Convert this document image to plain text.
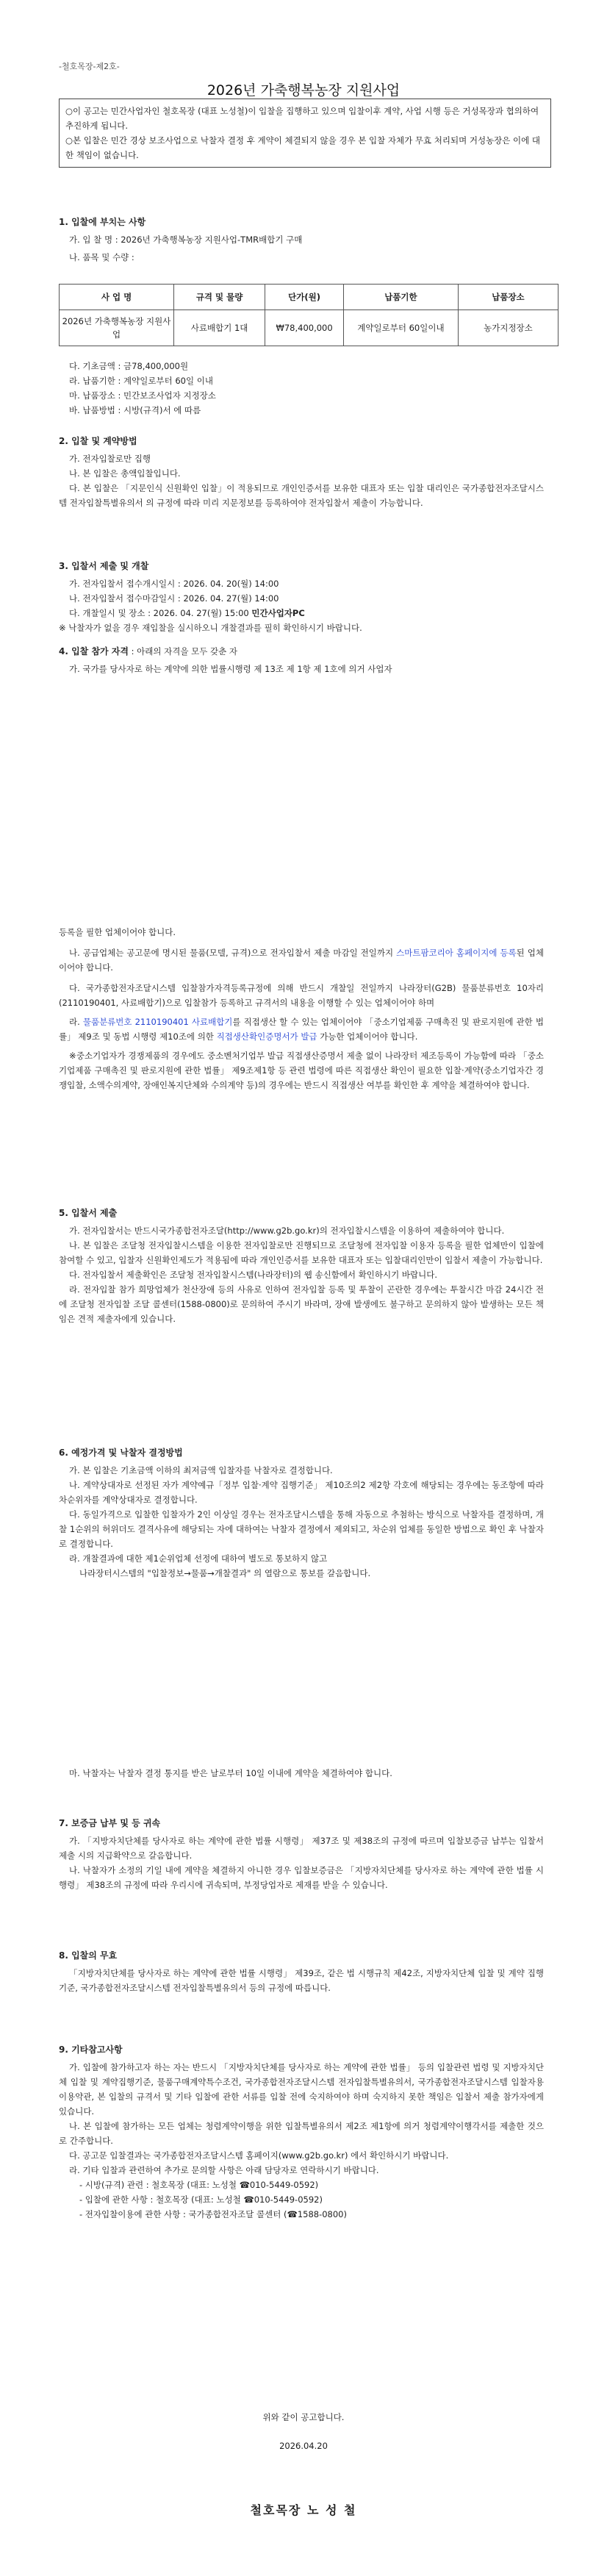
-철호목장-제2호-
2026년 가축행복농장 지원사업

○이 공고는 민간사업자인 철호목장 (대표 노성철)이 입찰을 집행하고 있으며 입찰이후 계약, 사업 시행 등은 거성목장과 협의하여 추진하게 됩니다.

○본 입찰은 민간 경상 보조사업으로 낙찰자 결정 후 계약이 체결되지 않을 경우 본 입찰 자체가 무효 처리되며 거성농장은 이에 대한 책임이 없습니다.

1. 입찰에 부치는 사항
가. 입 찰 명 : 2026년 가축행복농장 지원사업-TMR배합기 구매
나. 품목 및 수량 :
사 업 명	규격 및 물량	단가(원)	납품기한	납품장소
2026년 가축행복농장 지원사업	사료배합기 1대	₩78,400,000	계약일로부터 60일이내	농가지정장소
다. 기초금액 : 금78,400,000원
라. 납품기한 : 계약일로부터 60일 이내
마. 납품장소 : 민간보조사업자 지정장소
바. 납품방법 : 시방(규격)서 에 따름
2. 입찰 및 계약방법
가. 전자입찰로만 집행
나. 본 입찰은 총액입찰입니다.
다. 본 입찰은 「지문인식 신원확인 입찰」이 적용되므로 개인인증서를 보유한 대표자 또는 입찰 대리인은 국가종합전자조달시스템 전자입찰특별유의서 의 규정에 따라 미리 지문정보를 등록하여야 전자입찰서 제출이 가능합니다.
3. 입찰서 제출 및 개찰
가. 전자입찰서 접수개시일시 : 2026. 04. 20(월) 14:00
나. 전자입찰서 접수마감일시 : 2026. 04. 27(월) 14:00
다. 개찰일시 및 장소 : 2026. 04. 27(월) 15:00 민간사업자PC
※ 낙찰자가 없을 경우 재입찰을 실시하오니 개찰결과를 필히 확인하시기 바랍니다.
4. 입찰 참가 자격 : 아래의 자격을 모두 갖춘 자
가. 국가를 당사자로 하는 계약에 의한 법률시행령 제 13조 제 1항 제 1호에 의거 사업자
등록을 필한 업체이어야 합니다.
나. 공급업체는 공고문에 명시된 물품(모델, 규격)으로 전자입찰서 제출 마감일 전일까지 스마트팜코리아 홈페이지에 등록된 업체이어야 합니다.
다. 국가종합전자조달시스템 입찰참가자격등록규정에 의해 반드시 개찰일 전일까지 나라장터(G2B) 물품분류번호 10자리(2110190401, 사료배합기)으로 입찰참가 등록하고 규격서의 내용을 이행할 수 있는 업체이어야 하며
라. 물품분류번호 2110190401 사료배합기를 직접생산 할 수 있는 업체이어야 「중소기업제품 구매촉진 및 판로지원에 관한 법률」 제9조 및 동법 시행령 제10조에 의한 직접생산확인증명서가 발급 가능한 업체이어야 합니다.
※중소기업자가 경쟁제품의 경우에도 중소벤처기업부 발급 직접생산증명서 제출 없이 나라장터 제조등록이 가능함에 따라 「중소기업제품 구매촉진 및 판로지원에 관한 법률」 제9조제1항 등 관련 법령에 따른 직접생산 확인이 필요한 입찰·계약(중소기업자간 경쟁입찰, 소액수의계약, 장애인복지단체와 수의계약 등)의 경우에는 반드시 직접생산 여부를 확인한 후 계약을 체결하여야 합니다.
5. 입찰서 제출
가. 전자입찰서는 반드시국가종합전자조달(http://www.g2b.go.kr)의 전자입찰시스템을 이용하여 제출하여야 합니다.
나. 본 입찰은 조달청 전자입찰시스템을 이용한 전자입찰로만 진행되므로 조달청에 전자입찰 이용자 등록을 필한 업체만이 입찰에 참여할 수 있고, 입찰자 신원확인제도가 적용됨에 따라 개인인증서를 보유한 대표자 또는 입찰대리인만이 입찰서 제출이 가능합니다.
다. 전자입찰서 제출확인은 조달청 전자입찰시스템(나라장터)의 웹 송신함에서 확인하시기 바랍니다.
라. 전자입찰 참가 희망업체가 천산장애 등의 사유로 인하여 전자입찰 등록 및 투찰이 곤란한 경우에는 투찰시간 마감 24시간 전에 조달청 전자입찰 조달 콜센터(1588-0800)로 문의하여 주시기 바라며, 장애 발생에도 불구하고 문의하지 않아 발생하는 모든 책임은 견적 제출자에게 있습니다.
6. 예정가격 및 낙찰자 결정방법
가. 본 입찰은 기초금액 이하의 최저금액 입찰자를 낙찰자로 결정합니다.
나. 계약상대자로 선정된 자가 계약예규「정부 입찰·계약 집행기준」 제10조의2 제2항 각호에 해당되는 경우에는 동조항에 따라 차순위자를 계약상대자로 결정합니다.
다. 동일가격으로 입찰한 입찰자가 2인 이상일 경우는 전자조달시스템을 통해 자동으로 추첨하는 방식으로 낙찰자를 결정하며, 개찰 1순위의 허위더도 결격사유에 해당되는 자에 대하여는 낙찰자 결정에서 제외되고, 차순위 업체를 동일한 방법으로 확인 후 낙찰자로 결정합니다.
라. 개찰결과에 대한 제1순위업체 선정에 대하여 별도로 통보하지 않고
나라장터시스템의 "입찰정보→물품→개찰결과" 의 열람으로 통보를 갈음합니다.
마. 낙찰자는 낙찰자 결정 통지를 받은 날로부터 10일 이내에 계약을 체결하여야 합니다.
7. 보증금 납부 및 등 귀속
가. 「지방자치단체를 당사자로 하는 계약에 관한 법률 시행령」 제37조 및 제38조의 규정에 따르며 입찰보증금 납부는 입찰서 제출 시의 지급확약으로 갈음합니다.
나. 낙찰자가 소정의 기일 내에 계약을 체결하지 아니한 경우 입찰보증금은 「지방자치단체를 당사자로 하는 계약에 관한 법률 시행령」 제38조의 규정에 따라 우리시에 귀속되며, 부정당업자로 제재를 받을 수 있습니다.
8. 입찰의 무효
「지방자치단체를 당사자로 하는 계약에 관한 법률 시행령」 제39조, 같은 법 시행규칙 제42조, 지방자치단체 입찰 및 계약 집행기준, 국가종합전자조달시스템 전자입찰특별유의서 등의 규정에 따릅니다.
9. 기타참고사항
가. 입찰에 참가하고자 하는 자는 반드시 「지방자치단체를 당사자로 하는 계약에 관한 법률」 등의 입찰관련 법령 및 지방자치단체 입찰 및 계약집행기준, 물품구매계약특수조건, 국가종합전자조달시스템 전자입찰특별유의서, 국가종합전자조달시스템 입찰자용 이용약관, 본 입찰의 규격서 및 기타 입찰에 관한 서류를 입찰 전에 숙지하여야 하며 숙지하지 못한 책임은 입찰서 제출 참가자에게 있습니다.
나. 본 입찰에 참가하는 모든 업체는 청렴계약이행을 위한 입찰특별유의서 제2조 제1항에 의거 청렴계약이행각서를 제출한 것으로 간주합니다.
다. 공고문 입찰결과는 국가종합전자조달시스템 홈페이지(www.g2b.go.kr) 에서 확인하시기 바랍니다.
라. 기타 입찰과 관련하여 추가로 문의할 사항은 아래 담당자로 연락하시기 바랍니다.
- 시방(규격) 관련 : 철호목장 (대표: 노성철 ☎010-5449-0592)
- 입찰에 관한 사항 : 철호목장 (대표: 노성철 ☎010-5449-0592)
- 전자입찰이용에 관한 사항 : 국가종합전자조달 콜센터 (☎1588-0800)
위와 같이 공고합니다.
2026.04.20
철호목장 노 성 철
